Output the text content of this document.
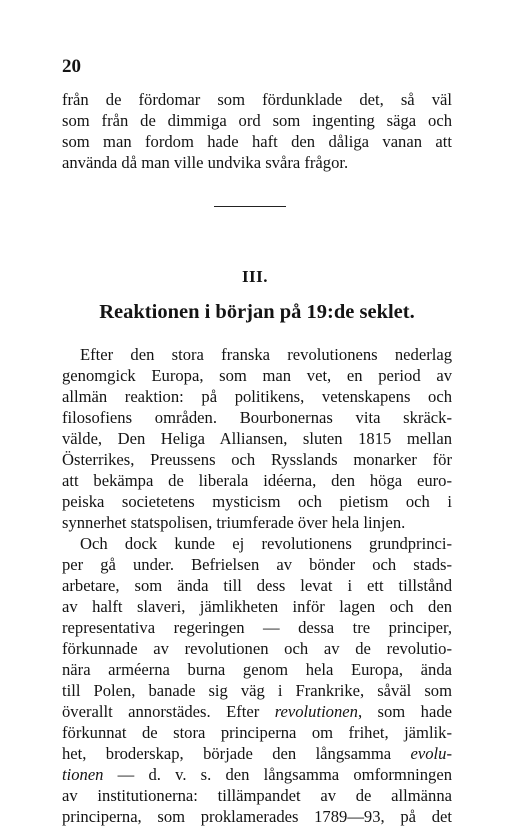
20
från de fördomar som fördunklade det, så väl
som från de dimmiga ord som ingenting säga och
som man fordom hade haft den dåliga vanan att
använda då man ville undvika svåra frågor.
III.
Reaktionen i början på 19:de seklet.
Efter den stora franska revolutionens nederlag
genomgick Europa, som man vet, en period av
allmän reaktion: på politikens, vetenskapens och
filosofiens områden. Bourbonernas vita skräck-
välde, Den Heliga Alliansen, sluten 1815 mellan
Österrikes, Preussens och Rysslands monarker för
att bekämpa de liberala idéerna, den höga euro-
peiska societetens mysticism och pietism och i
synnerhet statspolisen, triumferade över hela linjen.
Och dock kunde ej revolutionens grundprinci-
per gå under. Befrielsen av bönder och stads-
arbetare, som ända till dess levat i ett tillstånd
av halft slaveri, jämlikheten inför lagen och den
representativa regeringen — dessa tre principer,
förkunnade av revolutionen och av de revolutio-
nära arméerna burna genom hela Europa, ända
till Polen, banade sig väg i Frankrike, såväl som
överallt annorstädes. Efter revolutionen, som hade
förkunnat de stora principerna om frihet, jämlik-
het, broderskap, började den långsamma evolu-
tionen — d. v. s. den långsamma omformningen
av institutionerna: tillämpandet av de allmänna
principerna, som proklamerades 1789—93, på det
